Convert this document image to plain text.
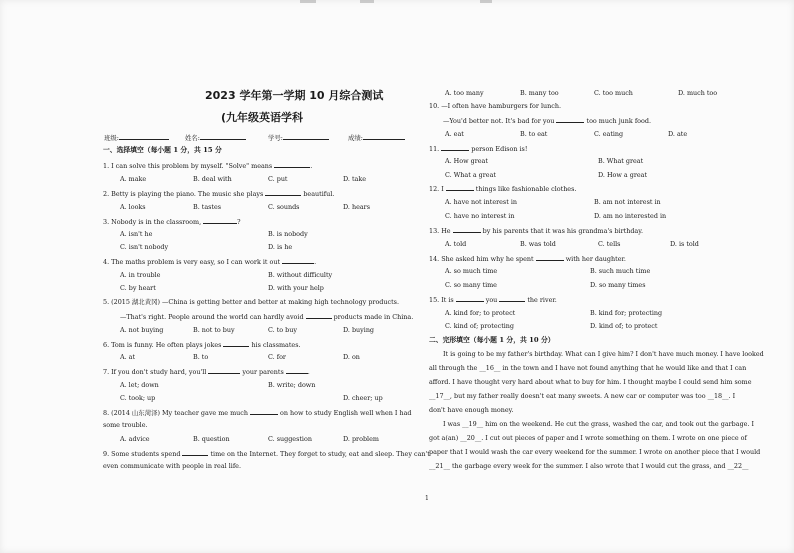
2023 学年第一学期 10 月综合测试
(九年级英语学科
班级:	姓名:	学号:	成绩:
一、选择填空（每小题 1 分，共 15 分
1. I can solve this problem by myself. "Solve" means	.
A. make	B. deal with	C. put	D. take
2. Betty is playing the piano. The music she plays	beautiful.
A. looks	B. tastes	C. sounds	D. hears
3. Nobody is in the classroom,	?
A. isn't he	B. is nobody
C. isn't nobody	D. is he
4. The maths problem is very easy, so I can work it out	.
A. in trouble	B. without difficulty
C. by heart	D. with your help
5. (2015 湖北黄冈) —China is getting better and better at making high technology products.
—That's right. People around the world can hardly avoid	products made in China.
A. not buying	B. not to buy	C. to buy	D. buying
6. Tom is funny. He often plays jokes	his classmates.
A. at	B. to	C. for	D. on
7. If you don't study hard, you'll	your parents	.
A. let; down	B. write; down
C. took; up	D. cheer; up
8. (2014 山东菏泽) My teacher gave me much	on how to study English well when I had
some trouble.
A. advice	B. question	C. suggestion	D. problem
9. Some students spend	time on the Internet. They forget to study, eat and sleep. They can't
even communicate with people in real life.
A. too many	B. many too	C. too much	D. much too
10. —I often have hamburgers for lunch.
—You'd better not. It's bad for you	too much junk food.
A. eat	B. to eat	C. eating	D. ate
11.	person Edison is!
A. How great	B. What great
C. What a great	D. How a great
12. I	things like fashionable clothes.
A. have not interest in	B. am not interest in
C. have no interest in	D. am no interested in
13. He	by his parents that it was his grandma's birthday.
A. told	B. was told	C. tells	D. is told
14. She asked him why he spent	with her daughter.
A. so much time	B. such much time
C. so many time	D. so many times
15. It is	you	the river.
A. kind for; to protect	B. kind for; protecting
C. kind of; protecting	D. kind of; to protect
二、完形填空（每小题 1 分，共 10 分）
It is going to be my father's birthday. What can I give him? I don't have much money. I have looked
all through the __16__ in the town and I have not found anything that he would like and that I can
afford. I have thought very hard about what to buy for him. I thought maybe I could send him some
__17__, but my father really doesn't eat many sweets. A new car or computer was too __18__. I
don't have enough money.
I was __19__ him on the weekend. He cut the grass, washed the car, and took out the garbage. I
got a(an) __20__. I cut out pieces of paper and I wrote something on them. I wrote on one piece of
paper that I would wash the car every weekend for the summer. I wrote on another piece that I would
__21__ the garbage every week for the summer. I also wrote that I would cut the grass, and __22__
1
